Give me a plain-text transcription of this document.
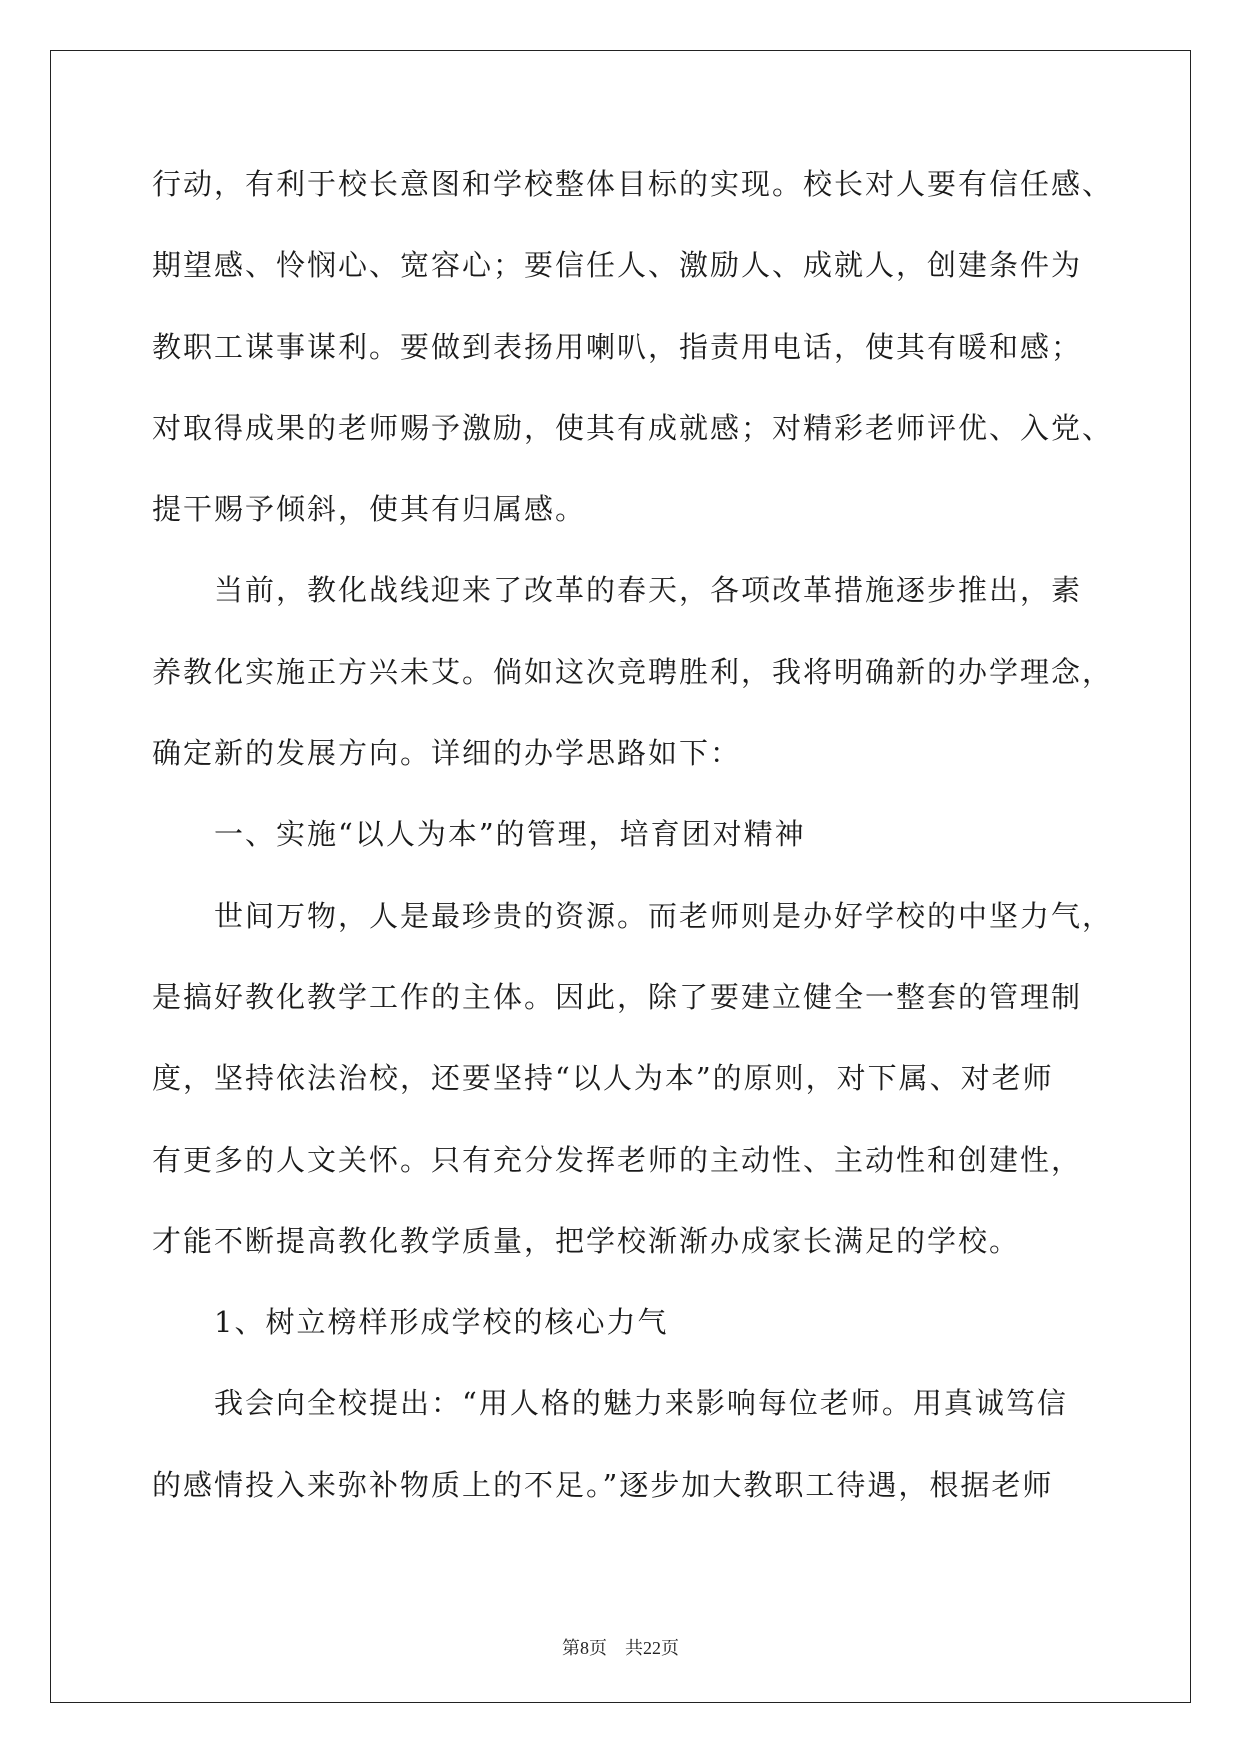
行动，有利于校长意图和学校整体目标的实现。校长对人要有信任感、
期望感、怜悯心、宽容心；要信任人、激励人、成就人，创建条件为
教职工谋事谋利。要做到表扬用喇叭，指责用电话，使其有暖和感；
对取得成果的老师赐予激励，使其有成就感；对精彩老师评优、入党、
提干赐予倾斜，使其有归属感。
　　当前，教化战线迎来了改革的春天，各项改革措施逐步推出，素
养教化实施正方兴未艾。倘如这次竞聘胜利，我将明确新的办学理念，
确定新的发展方向。详细的办学思路如下：
　　一、实施“以人为本”的管理，培育团对精神
　　世间万物，人是最珍贵的资源。而老师则是办好学校的中坚力气，
是搞好教化教学工作的主体。因此，除了要建立健全一整套的管理制
度，坚持依法治校，还要坚持“以人为本”的原则，对下属、对老师
有更多的人文关怀。只有充分发挥老师的主动性、主动性和创建性，
才能不断提高教化教学质量，把学校渐渐办成家长满足的学校。
　　1、树立榜样形成学校的核心力气
　　我会向全校提出：“用人格的魅力来影响每位老师。用真诚笃信
的感情投入来弥补物质上的不足。”逐步加大教职工待遇，根据老师
第8页　共22页
